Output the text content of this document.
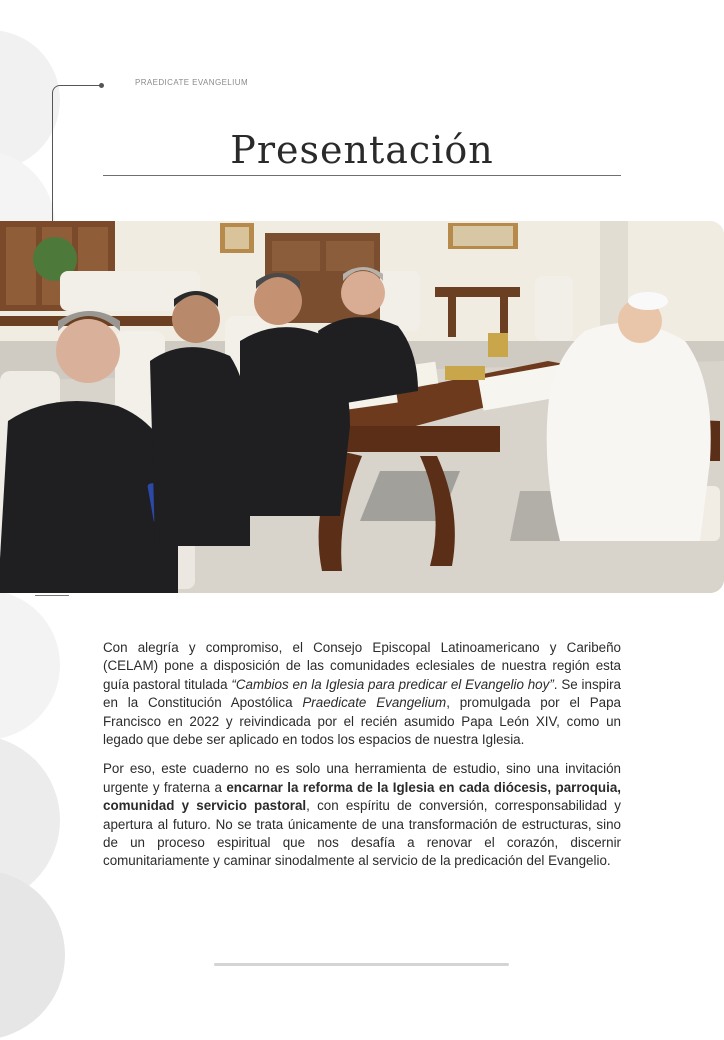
PRAEDICATE EVANGELIUM
Presentación

Con alegría y compromiso, el Consejo Episcopal Latinoamericano y Caribeño (CELAM) pone a disposición de las comunidades eclesiales de nuestra región esta guía pastoral titulada “Cambios en la Iglesia para predicar el Evangelio hoy”. Se inspira en la Constitución Apostólica Praedicate Evangelium, promulgada por el Papa Francisco en 2022 y reivindicada por el recién asumido Papa León XIV, como un legado que debe ser aplicado en todos los espacios de nuestra Iglesia.

Por eso, este cuaderno no es solo una herramienta de estudio, sino una invitación urgente y fraterna a encarnar la reforma de la Iglesia en cada diócesis, parroquia, comunidad y servicio pastoral, con espíritu de conversión, corresponsabilidad y apertura al futuro. No se trata únicamente de una transformación de estructuras, sino de un proceso espiritual que nos desafía a renovar el corazón, discernir comunitariamente y caminar sinodalmente al servicio de la predicación del Evangelio.
